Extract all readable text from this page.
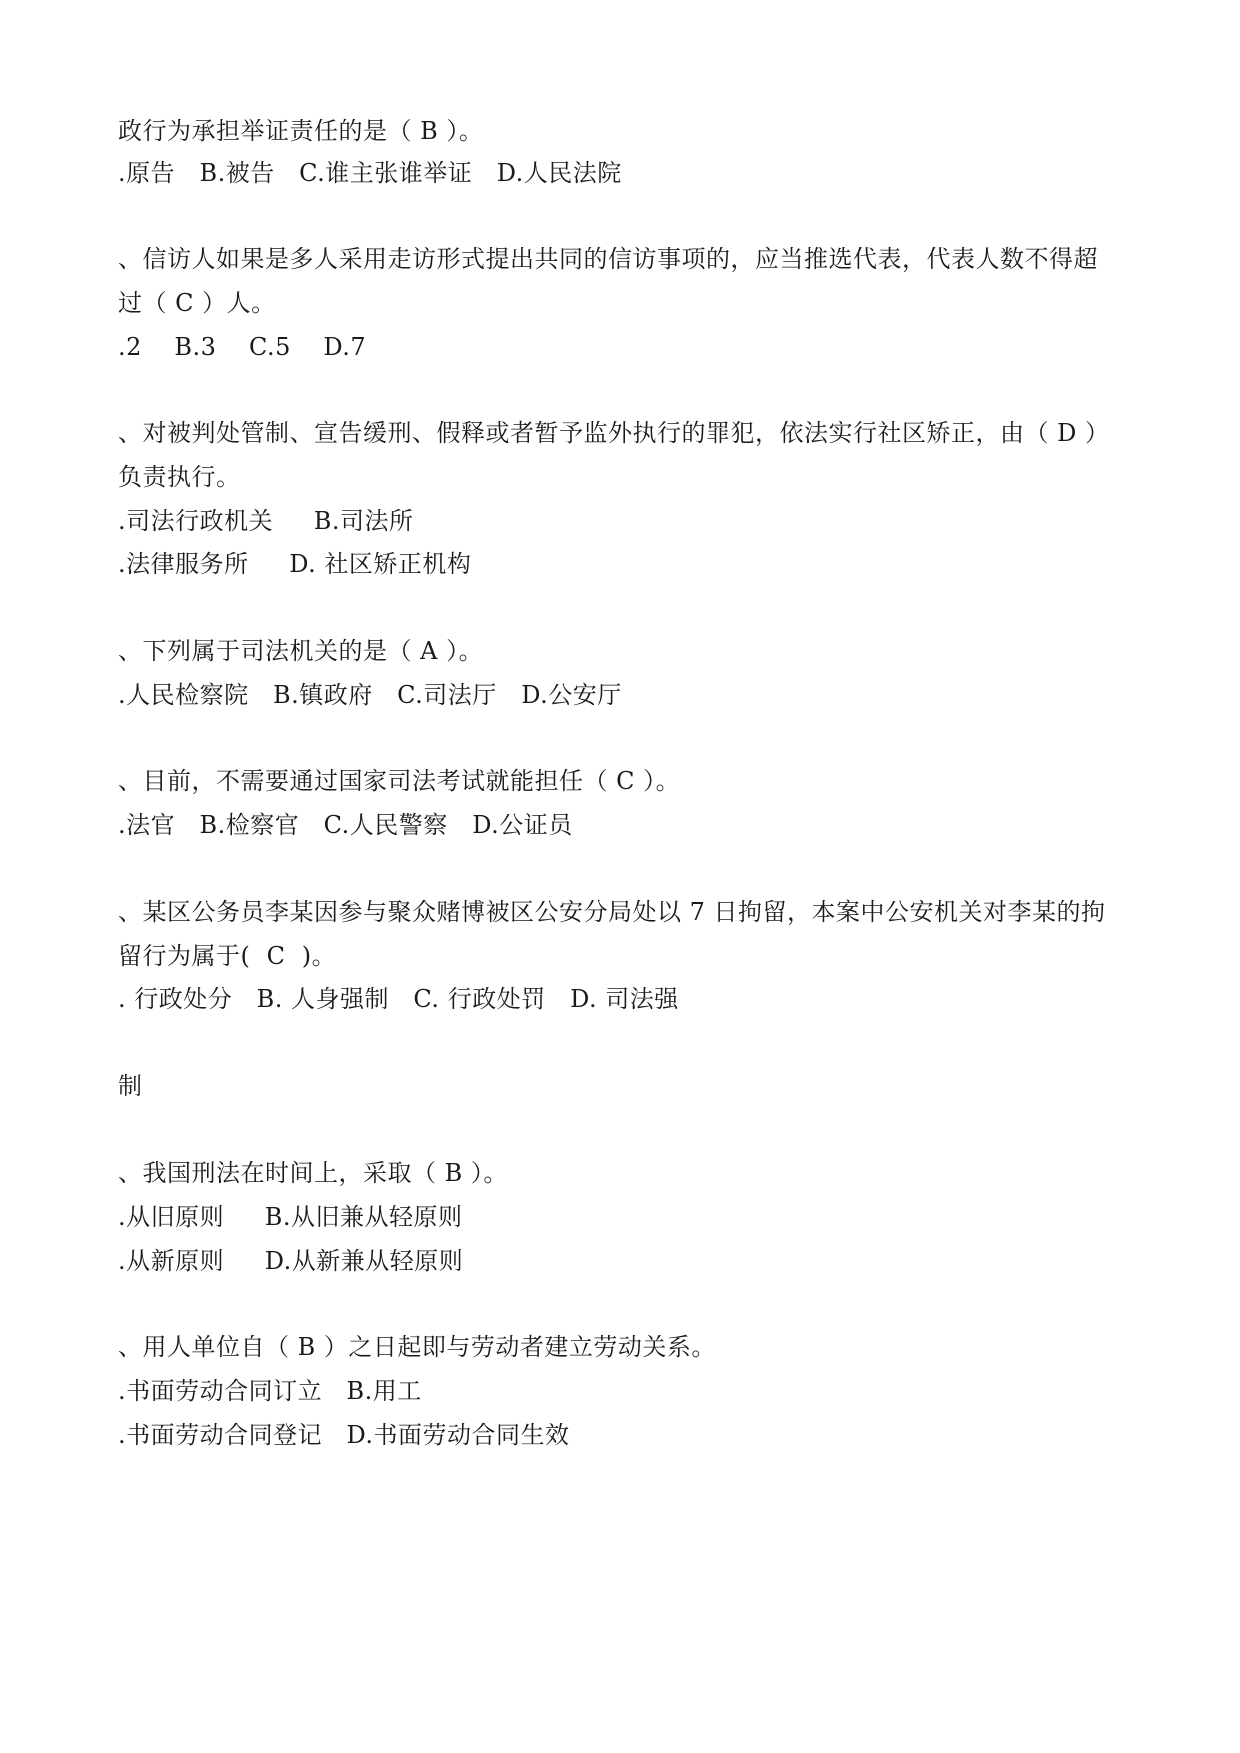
政行为承担举证责任的是（ B ）。
.原告   B.被告   C.谁主张谁举证   D.人民法院
、信访人如果是多人采用走访形式提出共同的信访事项的，应当推选代表，代表人数不得超
过（ C ）人。
.2    B.3    C.5    D.7
、对被判处管制、宣告缓刑、假释或者暂予监外执行的罪犯，依法实行社区矫正，由（ D ）
负责执行。
.司法行政机关     B.司法所
.法律服务所     D. 社区矫正机构
、下列属于司法机关的是（ A ）。
.人民检察院   B.镇政府   C.司法厅   D.公安厅
、目前，不需要通过国家司法考试就能担任（ C ）。
.法官   B.检察官   C.人民警察   D.公证员
、某区公务员李某因参与聚众赌博被区公安分局处以 7 日拘留，本案中公安机关对李某的拘
留行为属于(  C  )。
. 行政处分   B. 人身强制   C. 行政处罚   D. 司法强
制
、我国刑法在时间上，采取（ B ）。
.从旧原则     B.从旧兼从轻原则
.从新原则     D.从新兼从轻原则
、用人单位自（ B ）之日起即与劳动者建立劳动关系。
.书面劳动合同订立   B.用工
.书面劳动合同登记   D.书面劳动合同生效
